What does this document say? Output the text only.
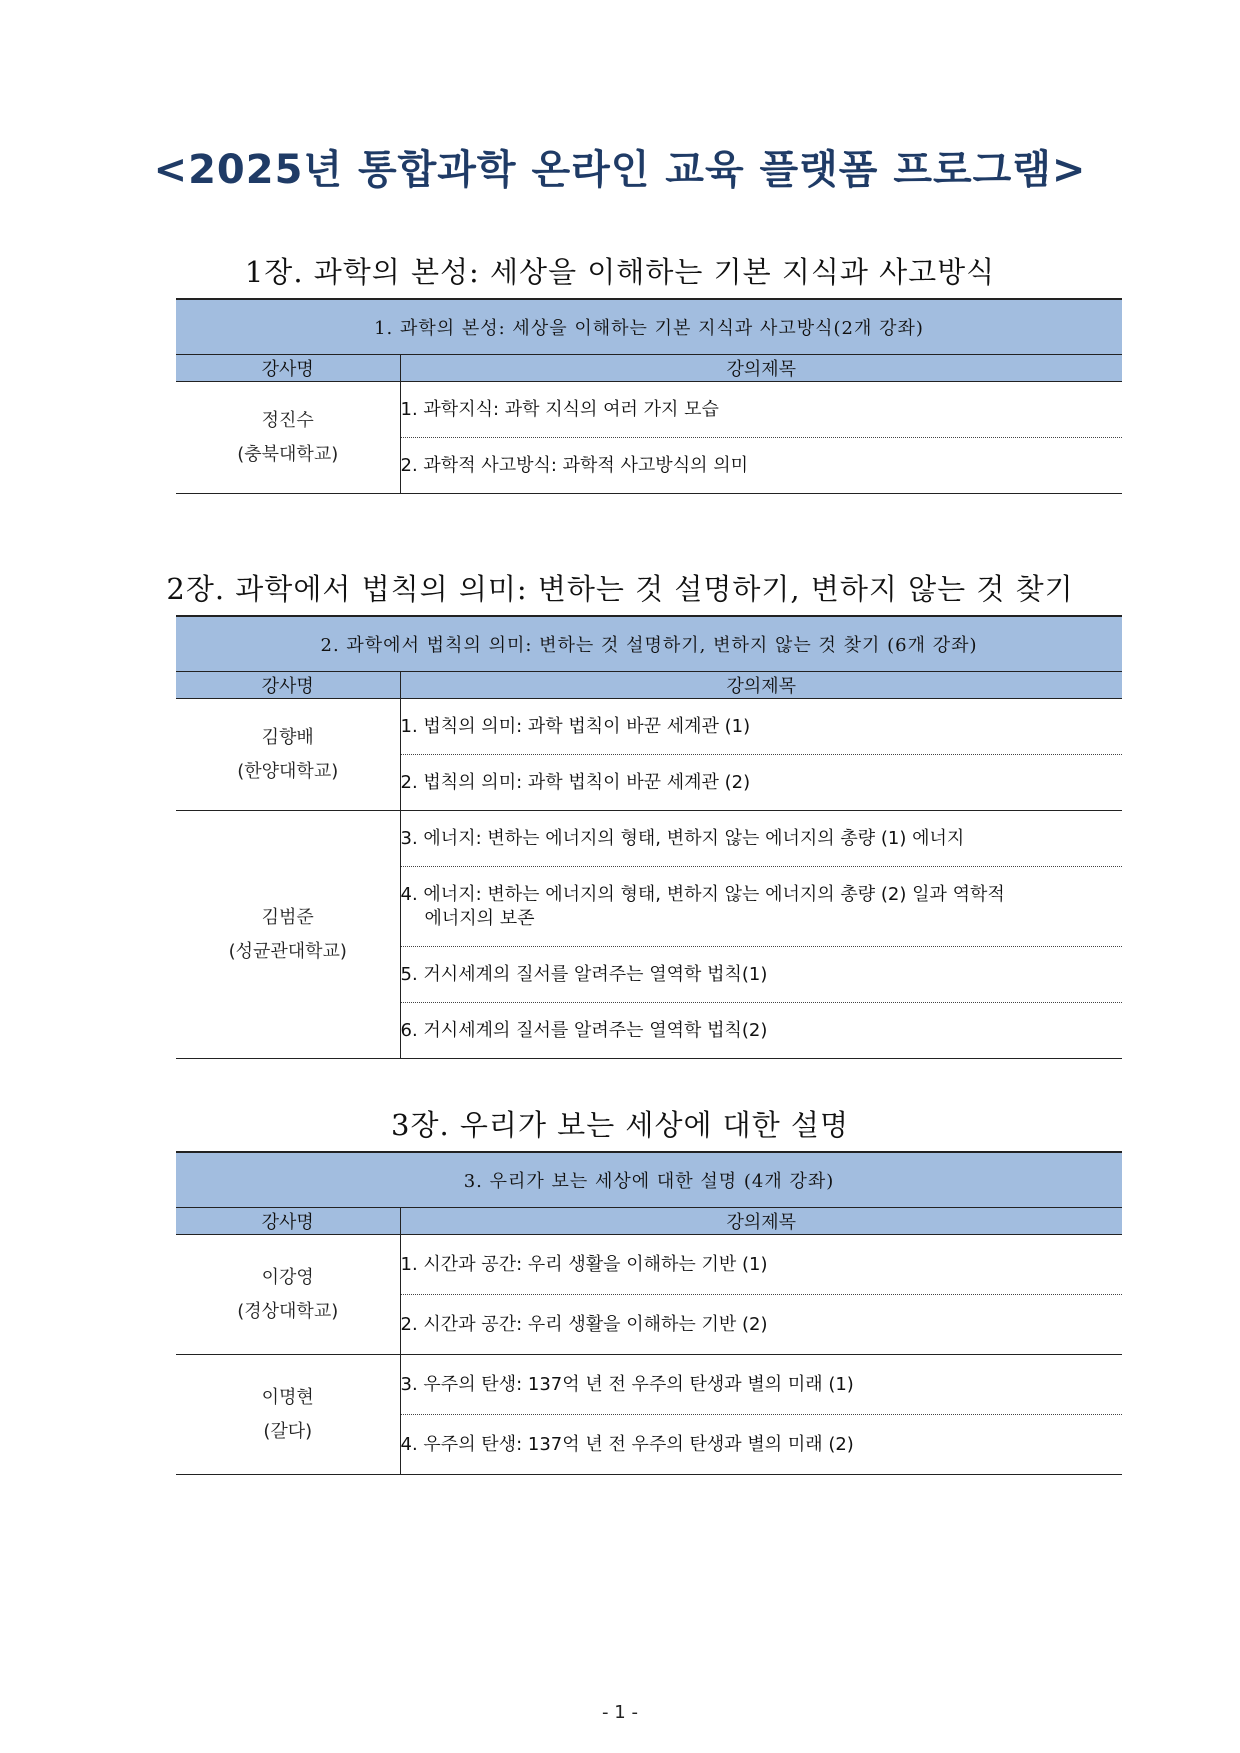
<2025년 통합과학 온라인 교육 플랫폼 프로그램>
1장. 과학의 본성: 세상을 이해하는 기본 지식과 사고방식
1. 과학의 본성: 세상을 이해하는 기본 지식과 사고방식(2개 강좌)	
강사명	강의제목

정진수
(충북대학교)	1. 과학지식: 과학 지식의 여러 가지 모습
	2. 과학적 사고방식: 과학적 사고방식의 의미
2장. 과학에서 법칙의 의미: 변하는 것 설명하기, 변하지 않는 것 찾기
2. 과학에서 법칙의 의미: 변하는 것 설명하기, 변하지 않는 것 찾기 (6개 강좌)	
강사명	강의제목

김향배
(한양대학교)	1. 법칙의 의미: 과학 법칙이 바꾼 세계관 (1)
	2. 법칙의 의미: 과학 법칙이 바꾼 세계관 (2)

김범준
(성균관대학교)	3. 에너지: 변하는 에너지의 형태, 변하지 않는 에너지의 총량 (1) 에너지
	4. 에너지: 변하는 에너지의 형태, 변하지 않는 에너지의 총량 (2) 일과 역학적
에너지의 보존
	5. 거시세계의 질서를 알려주는 열역학 법칙(1)
	6. 거시세계의 질서를 알려주는 열역학 법칙(2)
3장. 우리가 보는 세상에 대한 설명
3. 우리가 보는 세상에 대한 설명 (4개 강좌)	
강사명	강의제목

이강영
(경상대학교)	1. 시간과 공간: 우리 생활을 이해하는 기반 (1)
	2. 시간과 공간: 우리 생활을 이해하는 기반 (2)

이명현
(갈다)	3. 우주의 탄생: 137억 년 전 우주의 탄생과 별의 미래 (1)
	4. 우주의 탄생: 137억 년 전 우주의 탄생과 별의 미래 (2)
- 1 -
